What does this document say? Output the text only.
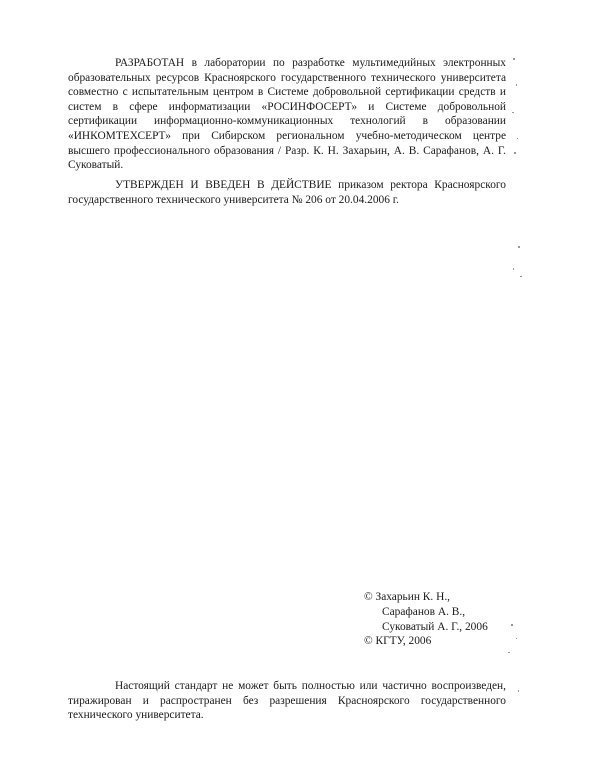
РАЗРАБОТАН в лаборатории по разработке мультимедийных электронных образовательных ресурсов Красноярского государственного технического университета совместно с испытательным центром в Системе добровольной сертификации средств и систем в сфере информатизации «РОСИНФОСЕРТ» и Системе добровольной сертификации информационно-коммуникационных технологий в образовании «ИНКОМТЕХСЕРТ» при Сибирском региональном учебно-методическом центре высшего профессионального образования / Разр. К. Н. Захарьин, А. В. Сарафанов, А. Г. Суковатый.

УТВЕРЖДЕН И ВВЕДЕН В ДЕЙСТВИЕ приказом ректора Красноярского государственного технического университета № 206 от 20.04.2006 г.

© Захарьин К. Н.,
Сарафанов А. В.,
Суковатый А. Г., 2006
© КГТУ, 2006

Настоящий стандарт не может быть полностью или частично воспроизведен, тиражирован и распространен без разрешения Красноярского государственного технического университета.
